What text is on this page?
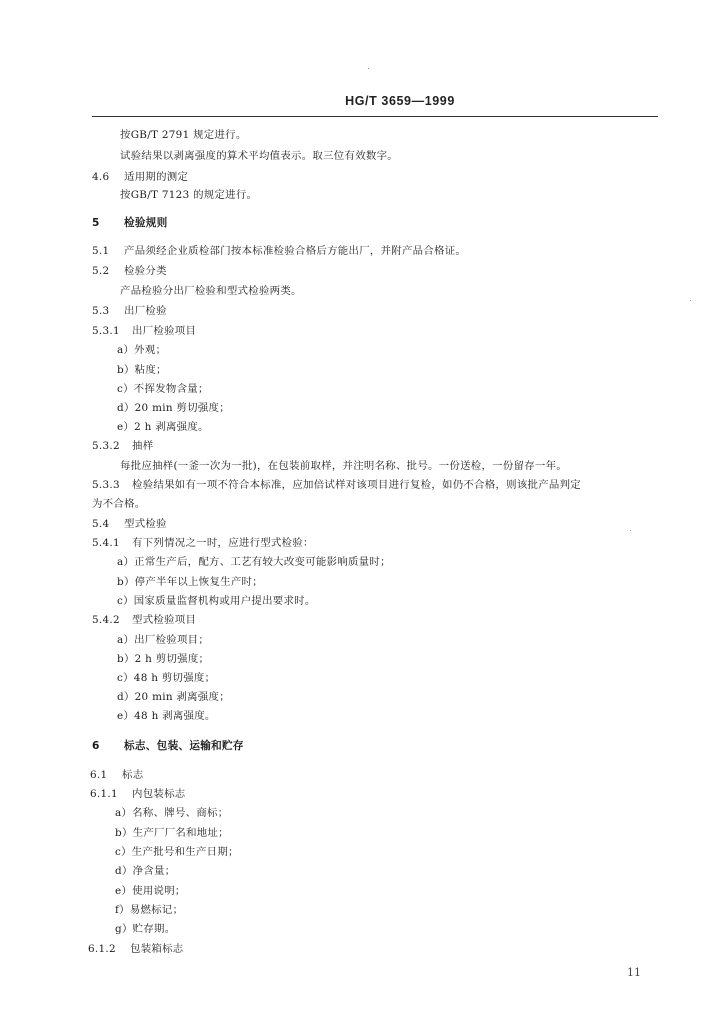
HG/T 3659—1999
按GB/T 2791 规定进行。
试验结果以剥离强度的算术平均值表示。取三位有效数字。
4.6 适用期的测定
按GB/T 7123 的规定进行。
5 检验规则
5.1 产品须经企业质检部门按本标准检验合格后方能出厂，并附产品合格证。
5.2 检验分类
产品检验分出厂检验和型式检验两类。
5.3 出厂检验
5.3.1 出厂检验项目
a）外观；
b）粘度；
c）不挥发物含量；
d）20 min 剪切强度；
e）2 h 剥离强度。
5.3.2 抽样
每批应抽样(一釜一次为一批)，在包装前取样，并注明名称、批号。一份送检，一份留存一年。
5.3.3 检验结果如有一项不符合本标准，应加倍试样对该项目进行复检，如仍不合格，则该批产品判定
为不合格。
5.4 型式检验
5.4.1 有下列情况之一时，应进行型式检验：
a）正常生产后，配方、工艺有较大改变可能影响质量时；
b）停产半年以上恢复生产时；
c）国家质量监督机构或用户提出要求时。
5.4.2 型式检验项目
a）出厂检验项目；
b）2 h 剪切强度；
c）48 h 剪切强度；
d）20 min 剥离强度；
e）48 h 剥离强度。
6 标志、包装、运输和贮存
6.1 标志
6.1.1 内包装标志
a）名称、牌号、商标；
b）生产厂厂名和地址；
c）生产批号和生产日期；
d）净含量；
e）使用说明；
f）易燃标记；
g）贮存期。
6.1.2 包装箱标志
11
